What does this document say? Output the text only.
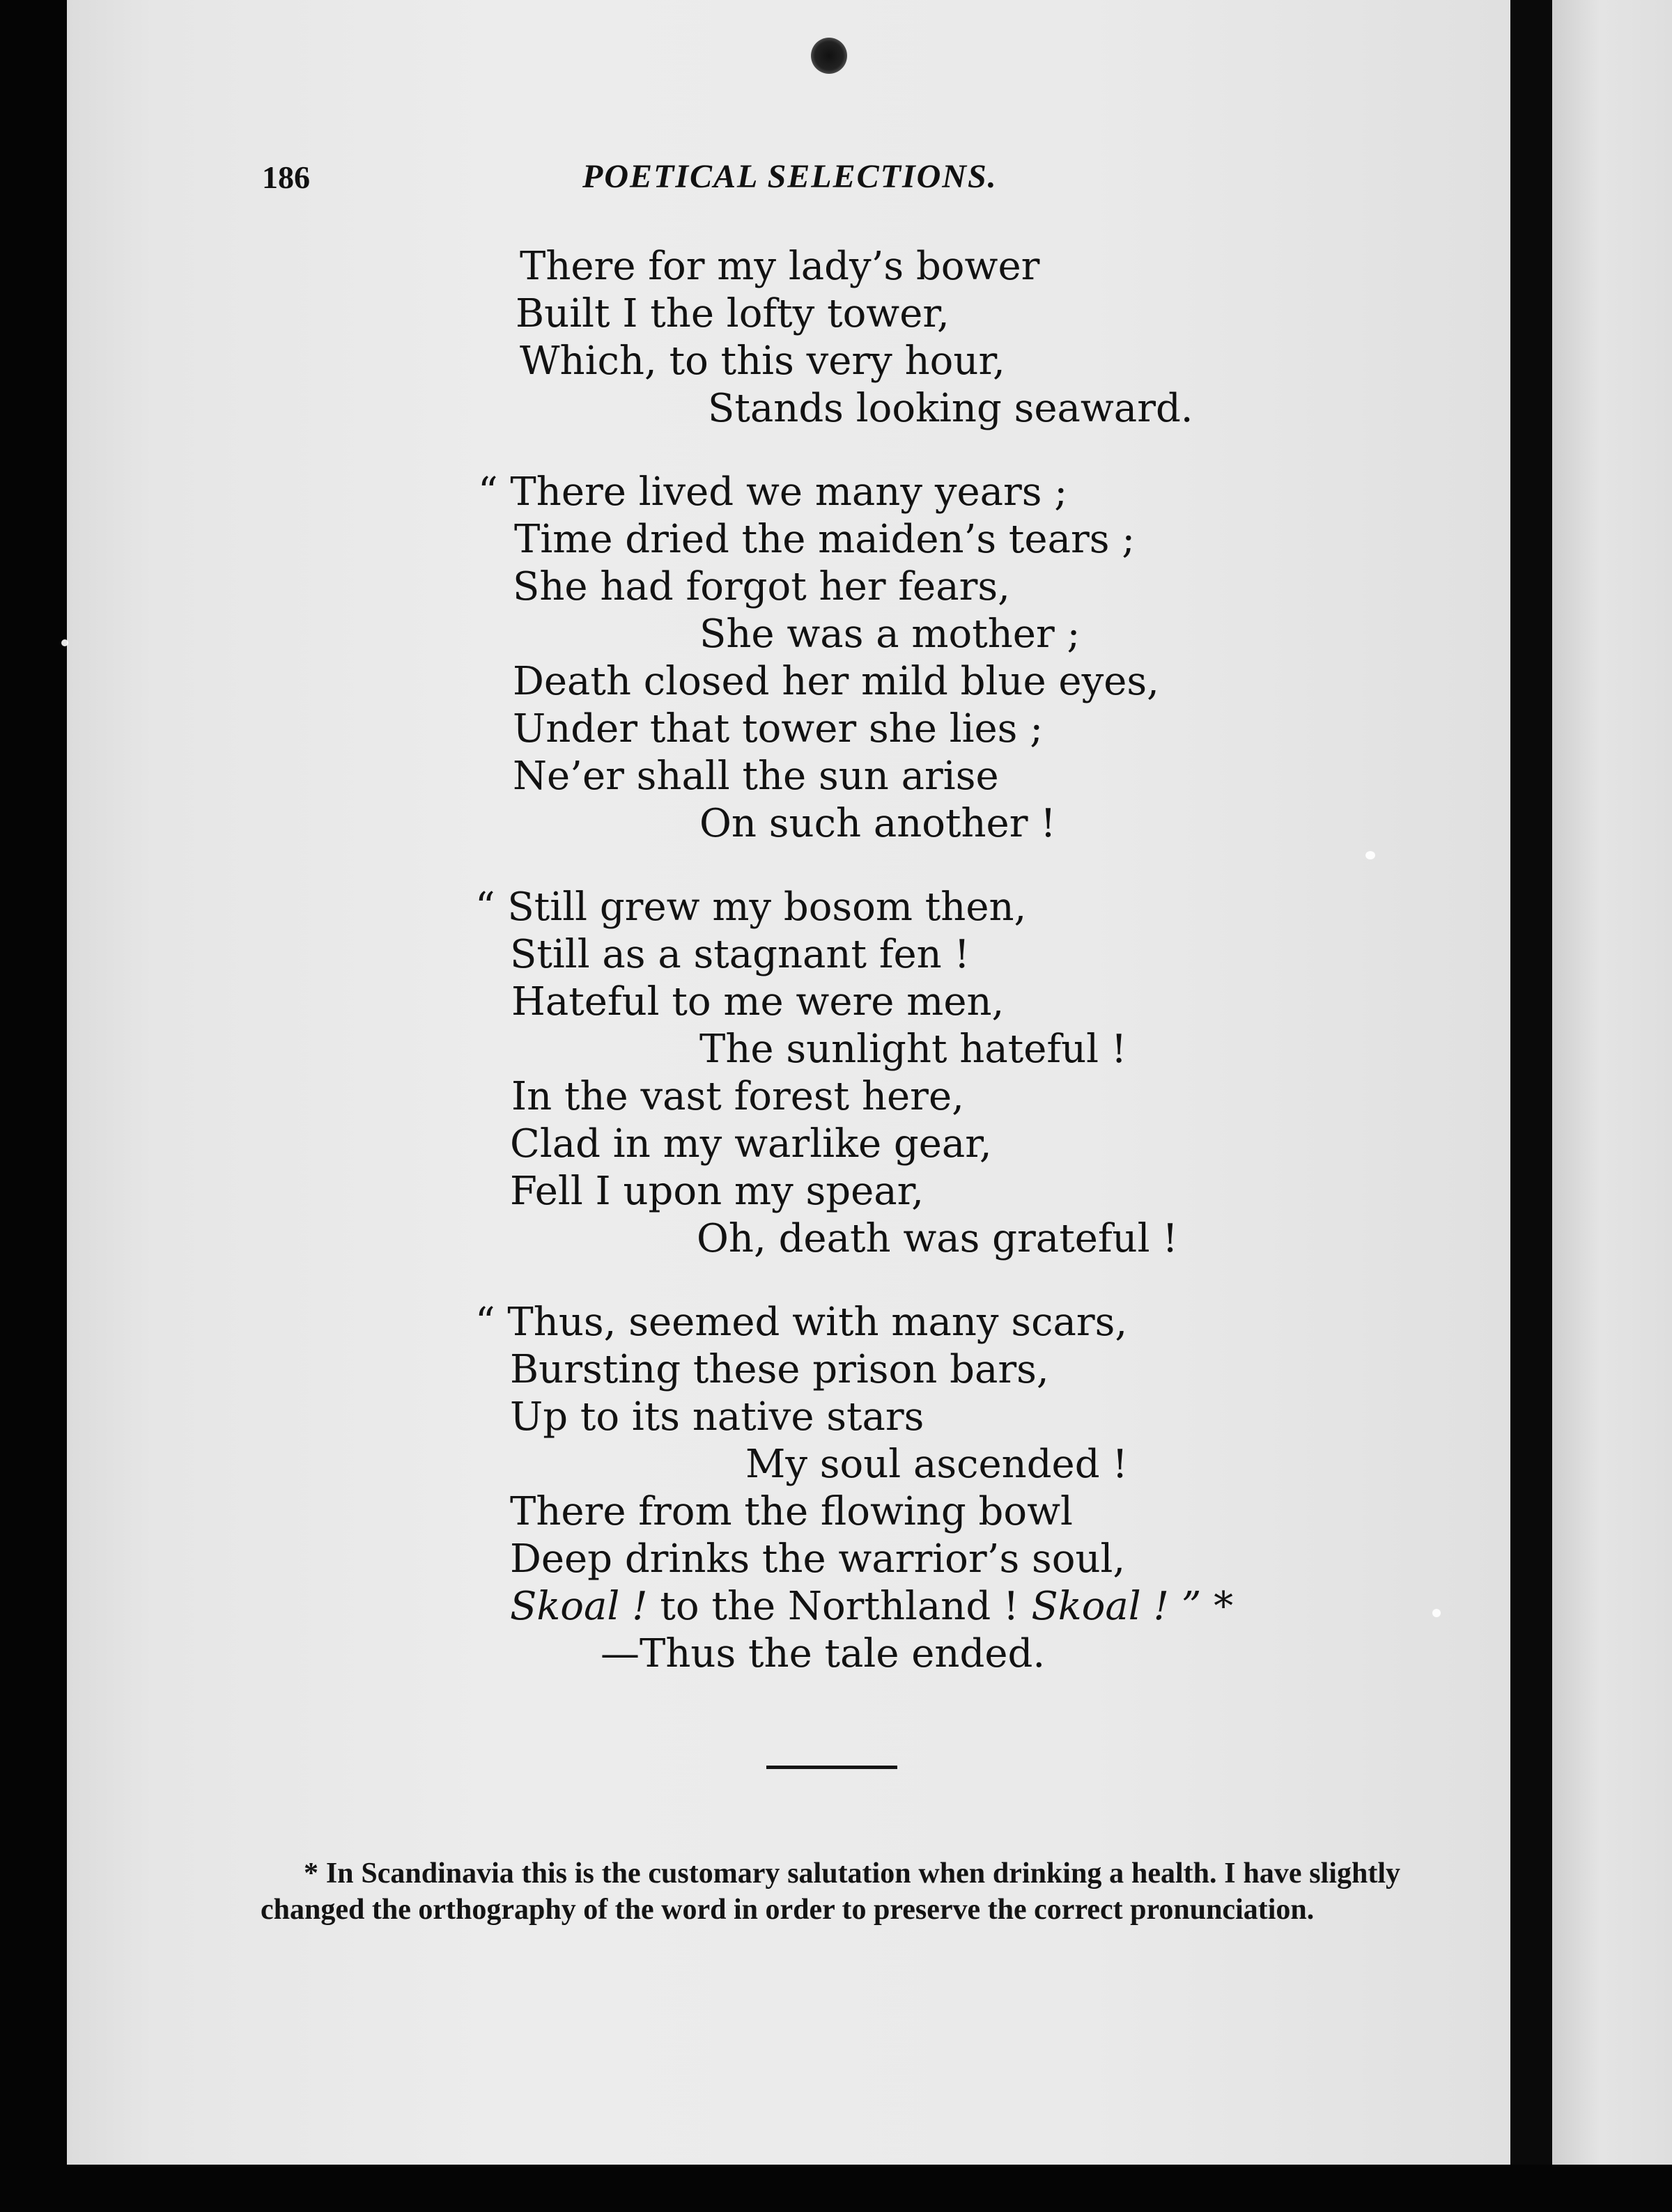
186	POETICAL SELECTIONS.
There for my lady’s bower
Built I the lofty tower,
Which, to this very hour,
Stands looking seaward.
“ There lived we many years ;
Time dried the maiden’s tears ;
She had forgot her fears,
She was a mother ;
Death closed her mild blue eyes,
Under that tower she lies ;
Ne’er shall the sun arise
On such another !
“ Still grew my bosom then,
Still as a stagnant fen !
Hateful to me were men,
The sunlight hateful !
In the vast forest here,
Clad in my warlike gear,
Fell I upon my spear,
Oh, death was grateful !
“ Thus, seemed with many scars,
Bursting these prison bars,
Up to its native stars
My soul ascended !
There from the flowing bowl
Deep drinks the warrior’s soul,
Skoal ! to the Northland ! Skoal ! ” *
—Thus the tale ended.
* In Scandinavia this is the customary salutation when drinking a health. I have slightly changed the orthography of the word in order to preserve the correct pronunciation.
